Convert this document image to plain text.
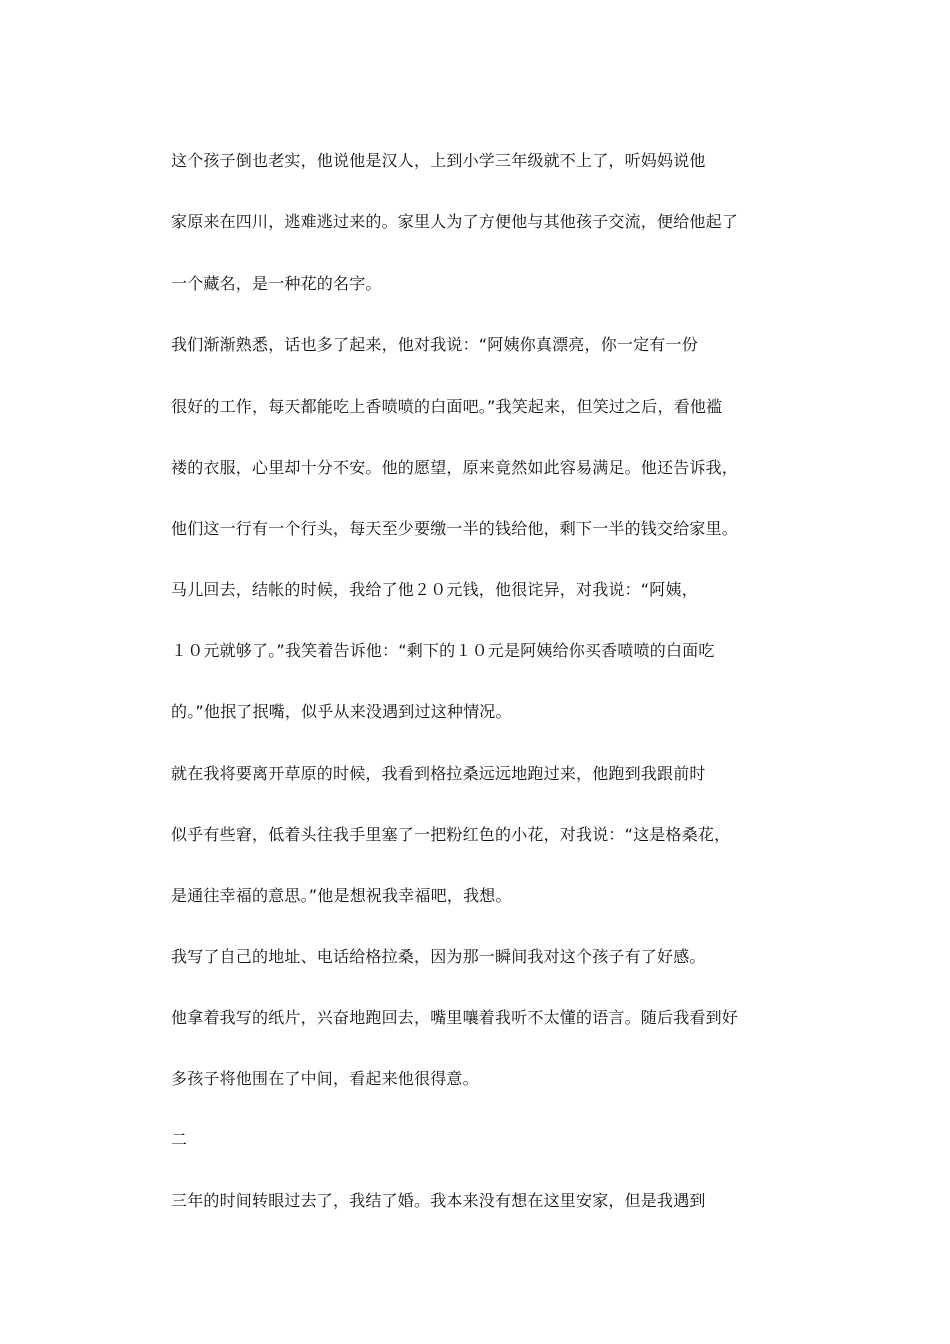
这个孩子倒也老实，他说他是汉人，上到小学三年级就不上了，听妈妈说他
家原来在四川，逃难逃过来的。家里人为了方便他与其他孩子交流，便给他起了
一个藏名，是一种花的名字。
我们渐渐熟悉，话也多了起来，他对我说：“阿姨你真漂亮，你一定有一份
很好的工作，每天都能吃上香喷喷的白面吧。”我笑起来，但笑过之后，看他褴
褛的衣服，心里却十分不安。他的愿望，原来竟然如此容易满足。他还告诉我，
他们这一行有一个行头，每天至少要缴一半的钱给他，剩下一半的钱交给家里。
马儿回去，结帐的时候，我给了他２０元钱，他很诧异，对我说：“阿姨，
１０元就够了。”我笑着告诉他：“剩下的１０元是阿姨给你买香喷喷的白面吃
的。”他抿了抿嘴，似乎从来没遇到过这种情况。
就在我将要离开草原的时候，我看到格拉桑远远地跑过来，他跑到我跟前时
似乎有些窘，低着头往我手里塞了一把粉红色的小花，对我说：“这是格桑花，
是通往幸福的意思。”他是想祝我幸福吧，我想。
我写了自己的地址、电话给格拉桑，因为那一瞬间我对这个孩子有了好感。
他拿着我写的纸片，兴奋地跑回去，嘴里嚷着我听不太懂的语言。随后我看到好
多孩子将他围在了中间，看起来他很得意。
二
三年的时间转眼过去了，我结了婚。我本来没有想在这里安家，但是我遇到
